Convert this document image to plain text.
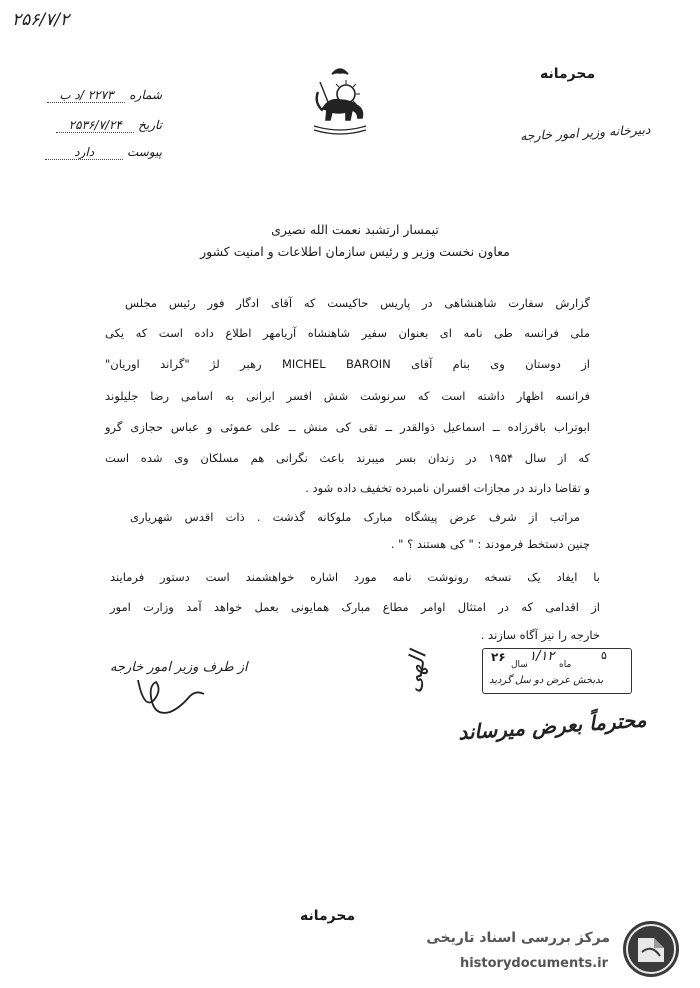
۲۵۶/۷/۲
محرمانه
شماره ۲۲۷۳ /د ب
تاریخ ۲۵۳۶/۷/۲۴
پیوست دارد
دبیرخانه وزیر امور خارجه
تیمسار ارتشبد نعمت الله نصیری
معاون نخست وزیر و رئیس سازمان اطلاعات و امنیت کشور
گزارش سفارت شاهنشاهی در پاریس حاکیست که آقای ادگار فور رئیس مجلس
ملی فرانسه طی نامه ای بعنوان سفیر شاهنشاه آریامهر اطلاع داده است که یکی
از دوستان وی بنام آقای MICHEL BAROIN رهبر لژ "گراند اوریان"
فرانسه اظهار داشته است که سرنوشت شش افسر ایرانی به اسامی رضا جلیلوند
ابوتراب باقرزاده ــ اسماعیل ذوالقدر ــ تقی کی منش ــ علی عموئی و عباس حجازی گرو
که از سال ۱۹۵۴ در زندان بسر میبرند باعث نگرانی هم مسلکان وی شده است
و تقاضا دارند در مجازات افسران نامبرده تخفیف داده شود .
مراتب از شرف عرض پیشگاه مبارک ملوکانه گذشت . ذات اقدس شهریاری
چنین دستخط فرمودند : " کی هستند ؟ " .
با ایفاد یک نسخه رونوشت نامه مورد اشاره خواهشمند است دستور فرمایند
از اقدامی که در امتثال اوامر مطاع مبارک همایونی بعمل خواهد آمد وزارت امور
خارجه را نیز آگاه سازند .
از طرف وزیر امور خارجه
۲۶ ۱/۱۲	۵
ماه
سال
بدبخش عرض دو سل گردید
الهی
محترماً بعرض میرساند
محرمانه
مرکز بررسی اسناد تاریخی
historydocuments.ir
